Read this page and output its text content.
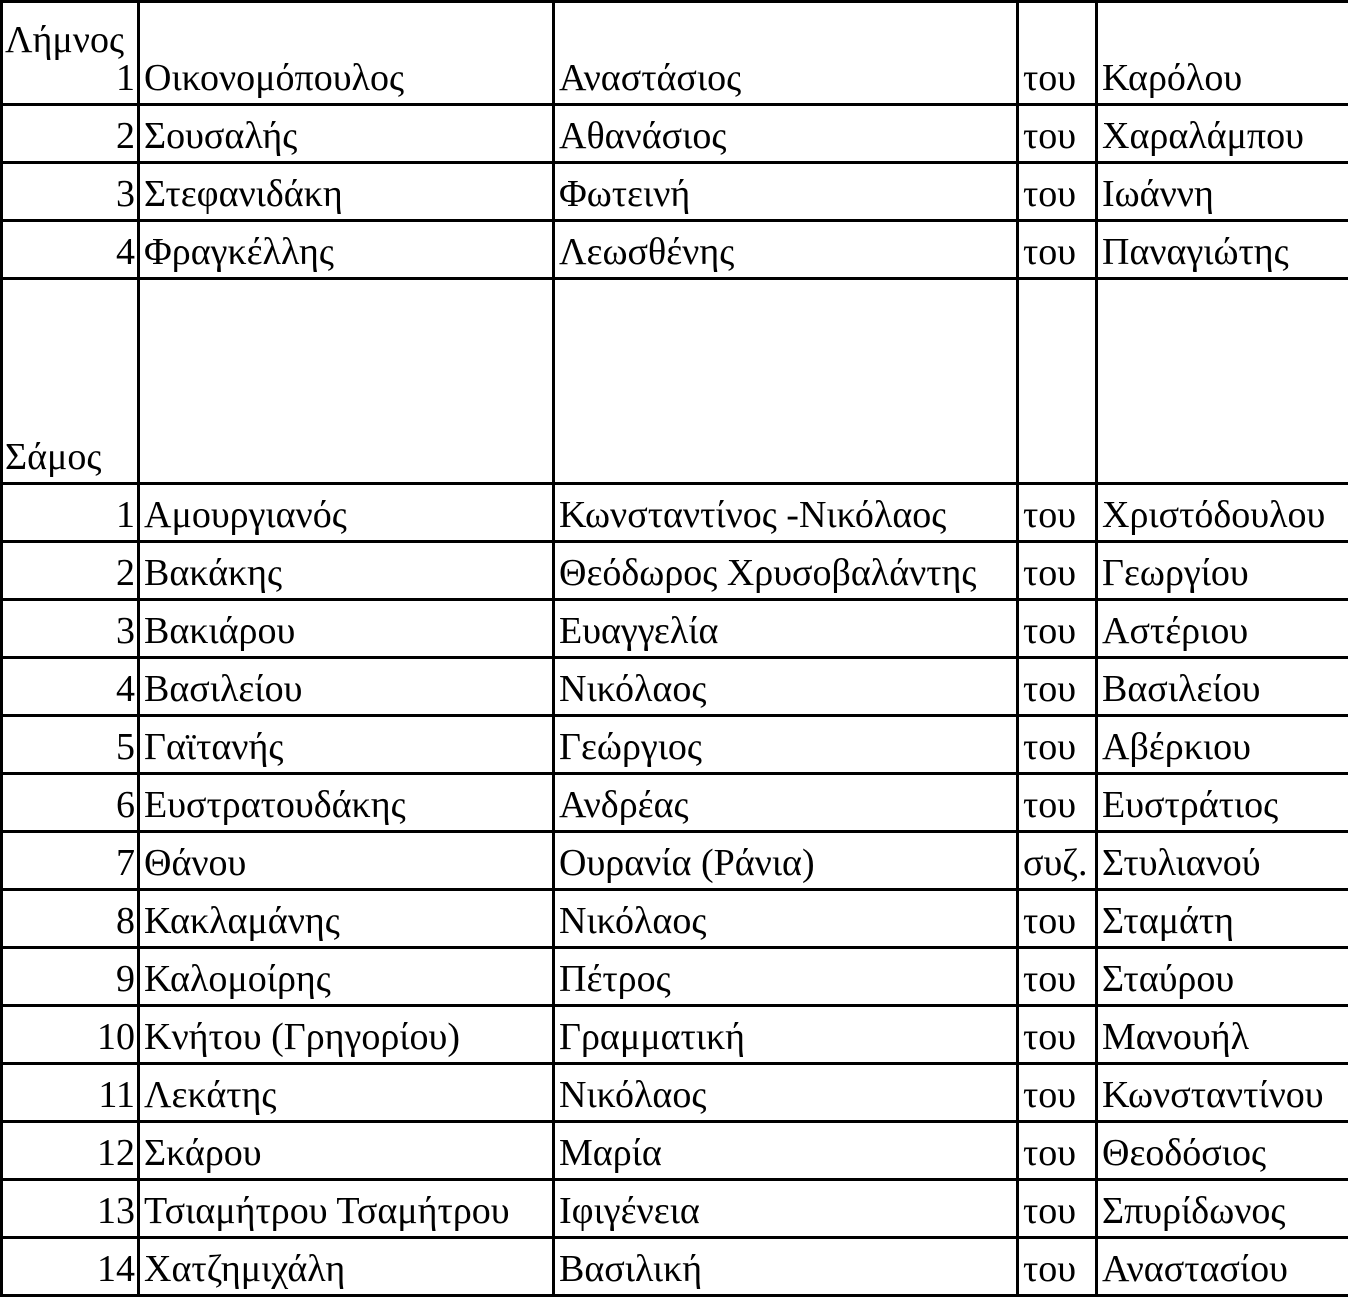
Λήμνος
1	Οικονομόπουλος	Αναστάσιος	του	Καρόλου
2	Σουσαλής	Αθανάσιος	του	Χαραλάμπου
3	Στεφανιδάκη	Φωτεινή	του	Ιωάννη
4	Φραγκέλλης	Λεωσθένης	του	Παναγιώτης
Σάμος				
1	Αμουργιανός	Κωνσταντίνος -Νικόλαος	του	Χριστόδουλου
2	Βακάκης	Θεόδωρος Χρυσοβαλάντης	του	Γεωργίου
3	Βακιάρου	Ευαγγελία	του	Αστέριου
4	Βασιλείου	Νικόλαος	του	Βασιλείου
5	Γαϊτανής	Γεώργιος	του	Αβέρκιου
6	Ευστρατουδάκης	Ανδρέας	του	Ευστράτιος
7	Θάνου	Ουρανία (Ράνια)	συζ.	Στυλιανού
8	Κακλαμάνης	Νικόλαος	του	Σταμάτη
9	Καλομοίρης	Πέτρος	του	Σταύρου
10	Κνήτου (Γρηγορίου)	Γραμματική	του	Μανουήλ
11	Λεκάτης	Νικόλαος	του	Κωνσταντίνου
12	Σκάρου	Μαρία	του	Θεοδόσιος
13	Τσιαμήτρου Τσαμήτρου	Ιφιγένεια	του	Σπυρίδωνος
14	Χατζημιχάλη	Βασιλική	του	Αναστασίου
